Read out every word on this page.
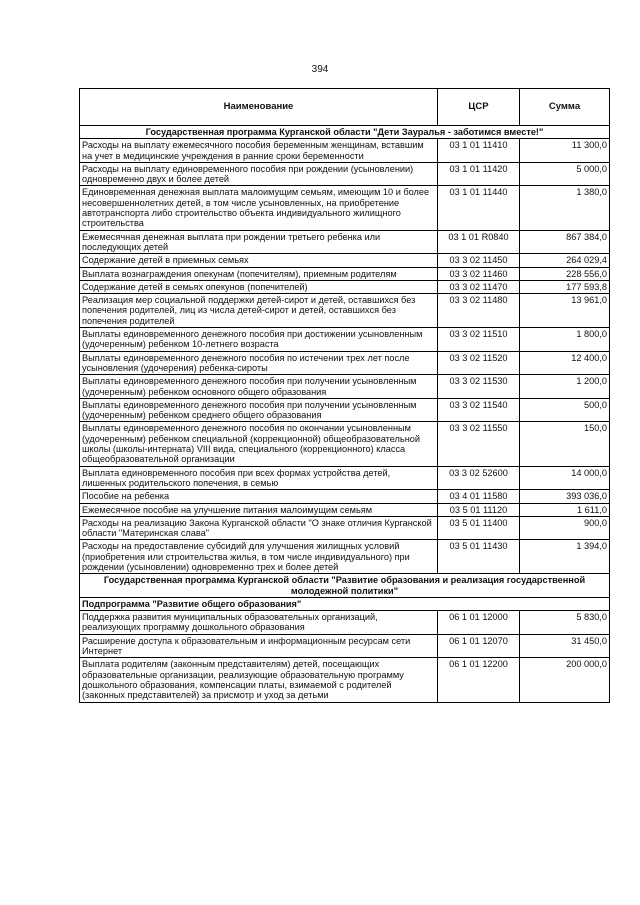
394
Наименование	ЦСР	Сумма
Государственная программа Курганской области "Дети Зауралья - заботимся вместе!"		
Расходы на выплату ежемесячного пособия беременным женщинам, вставшим на учет в медицинские учреждения в ранние сроки беременности	03 1 01 11410	11 300,0
Расходы на выплату единовременного пособия при рождении (усыновлении) одновременно двух и более детей	03 1 01 11420	5 000,0
Единовременная денежная выплата малоимущим семьям, имеющим 10 и более несовершеннолетних детей, в том числе усыновленных, на приобретение автотранспорта либо строительство объекта индивидуального жилищного строительства	03 1 01 11440	1 380,0
Ежемесячная денежная выплата при рождении третьего ребенка или последующих детей	03 1 01 R0840	867 384,0
Содержание детей в приемных семьях	03 3 02 11450	264 029,4
Выплата вознаграждения опекунам (попечителям), приемным родителям	03 3 02 11460	228 556,0
Содержание детей в семьях опекунов (попечителей)	03 3 02 11470	177 593,8
Реализация мер социальной поддержки детей-сирот и детей, оставшихся без попечения родителей, лиц из числа детей-сирот и детей, оставшихся без попечения родителей	03 3 02 11480	13 961,0
Выплаты единовременного денежного пособия при достижении усыновленным (удочеренным) ребенком 10-летнего возраста	03 3 02 11510	1 800,0
Выплаты единовременного денежного пособия по истечении трех лет после усыновления (удочерения) ребенка-сироты	03 3 02 11520	12 400,0
Выплаты единовременного денежного пособия при получении усыновленным (удочеренным) ребенком основного общего образования	03 3 02 11530	1 200,0
Выплаты единовременного денежного пособия при получении усыновленным (удочеренным) ребенком среднего общего образования	03 3 02 11540	500,0
Выплаты единовременного денежного пособия по окончании усыновленным (удочеренным) ребенком специальной (коррекционной) общеобразовательной школы (школы-интерната) VIII вида, специального (коррекционного) класса общеобразовательной организации	03 3 02 11550	150,0
Выплата единовременного пособия при всех формах устройства детей, лишенных родительского попечения, в семью	03 3 02 52600	14 000,0
Пособие на ребенка	03 4 01 11580	393 036,0
Ежемесячное пособие на улучшение питания малоимущим семьям	03 5 01 11120	1 611,0
Расходы на реализацию Закона Курганской области "О знаке отличия Курганской области "Материнская слава"	03 5 01 11400	900,0
Расходы на предоставление субсидий для улучшения жилищных условий (приобретения или строительства жилья, в том числе индивидуального) при рождении (усыновлении) одновременно трех и более детей	03 5 01 11430	1 394,0
Государственная программа Курганской области "Развитие образования и реализация государственной молодежной политики"		
Подпрограмма "Развитие общего образования"		
Поддержка развития муниципальных образовательных организаций, реализующих программу дошкольного образования	06 1 01 12000	5 830,0
Расширение доступа к образовательным и информационным ресурсам сети Интернет	06 1 01 12070	31 450,0
Выплата родителям (законным представителям) детей, посещающих образовательные организации, реализующие образовательную программу дошкольного образования, компенсации платы, взимаемой с родителей (законных представителей) за присмотр и уход за детьми	06 1 01 12200	200 000,0
